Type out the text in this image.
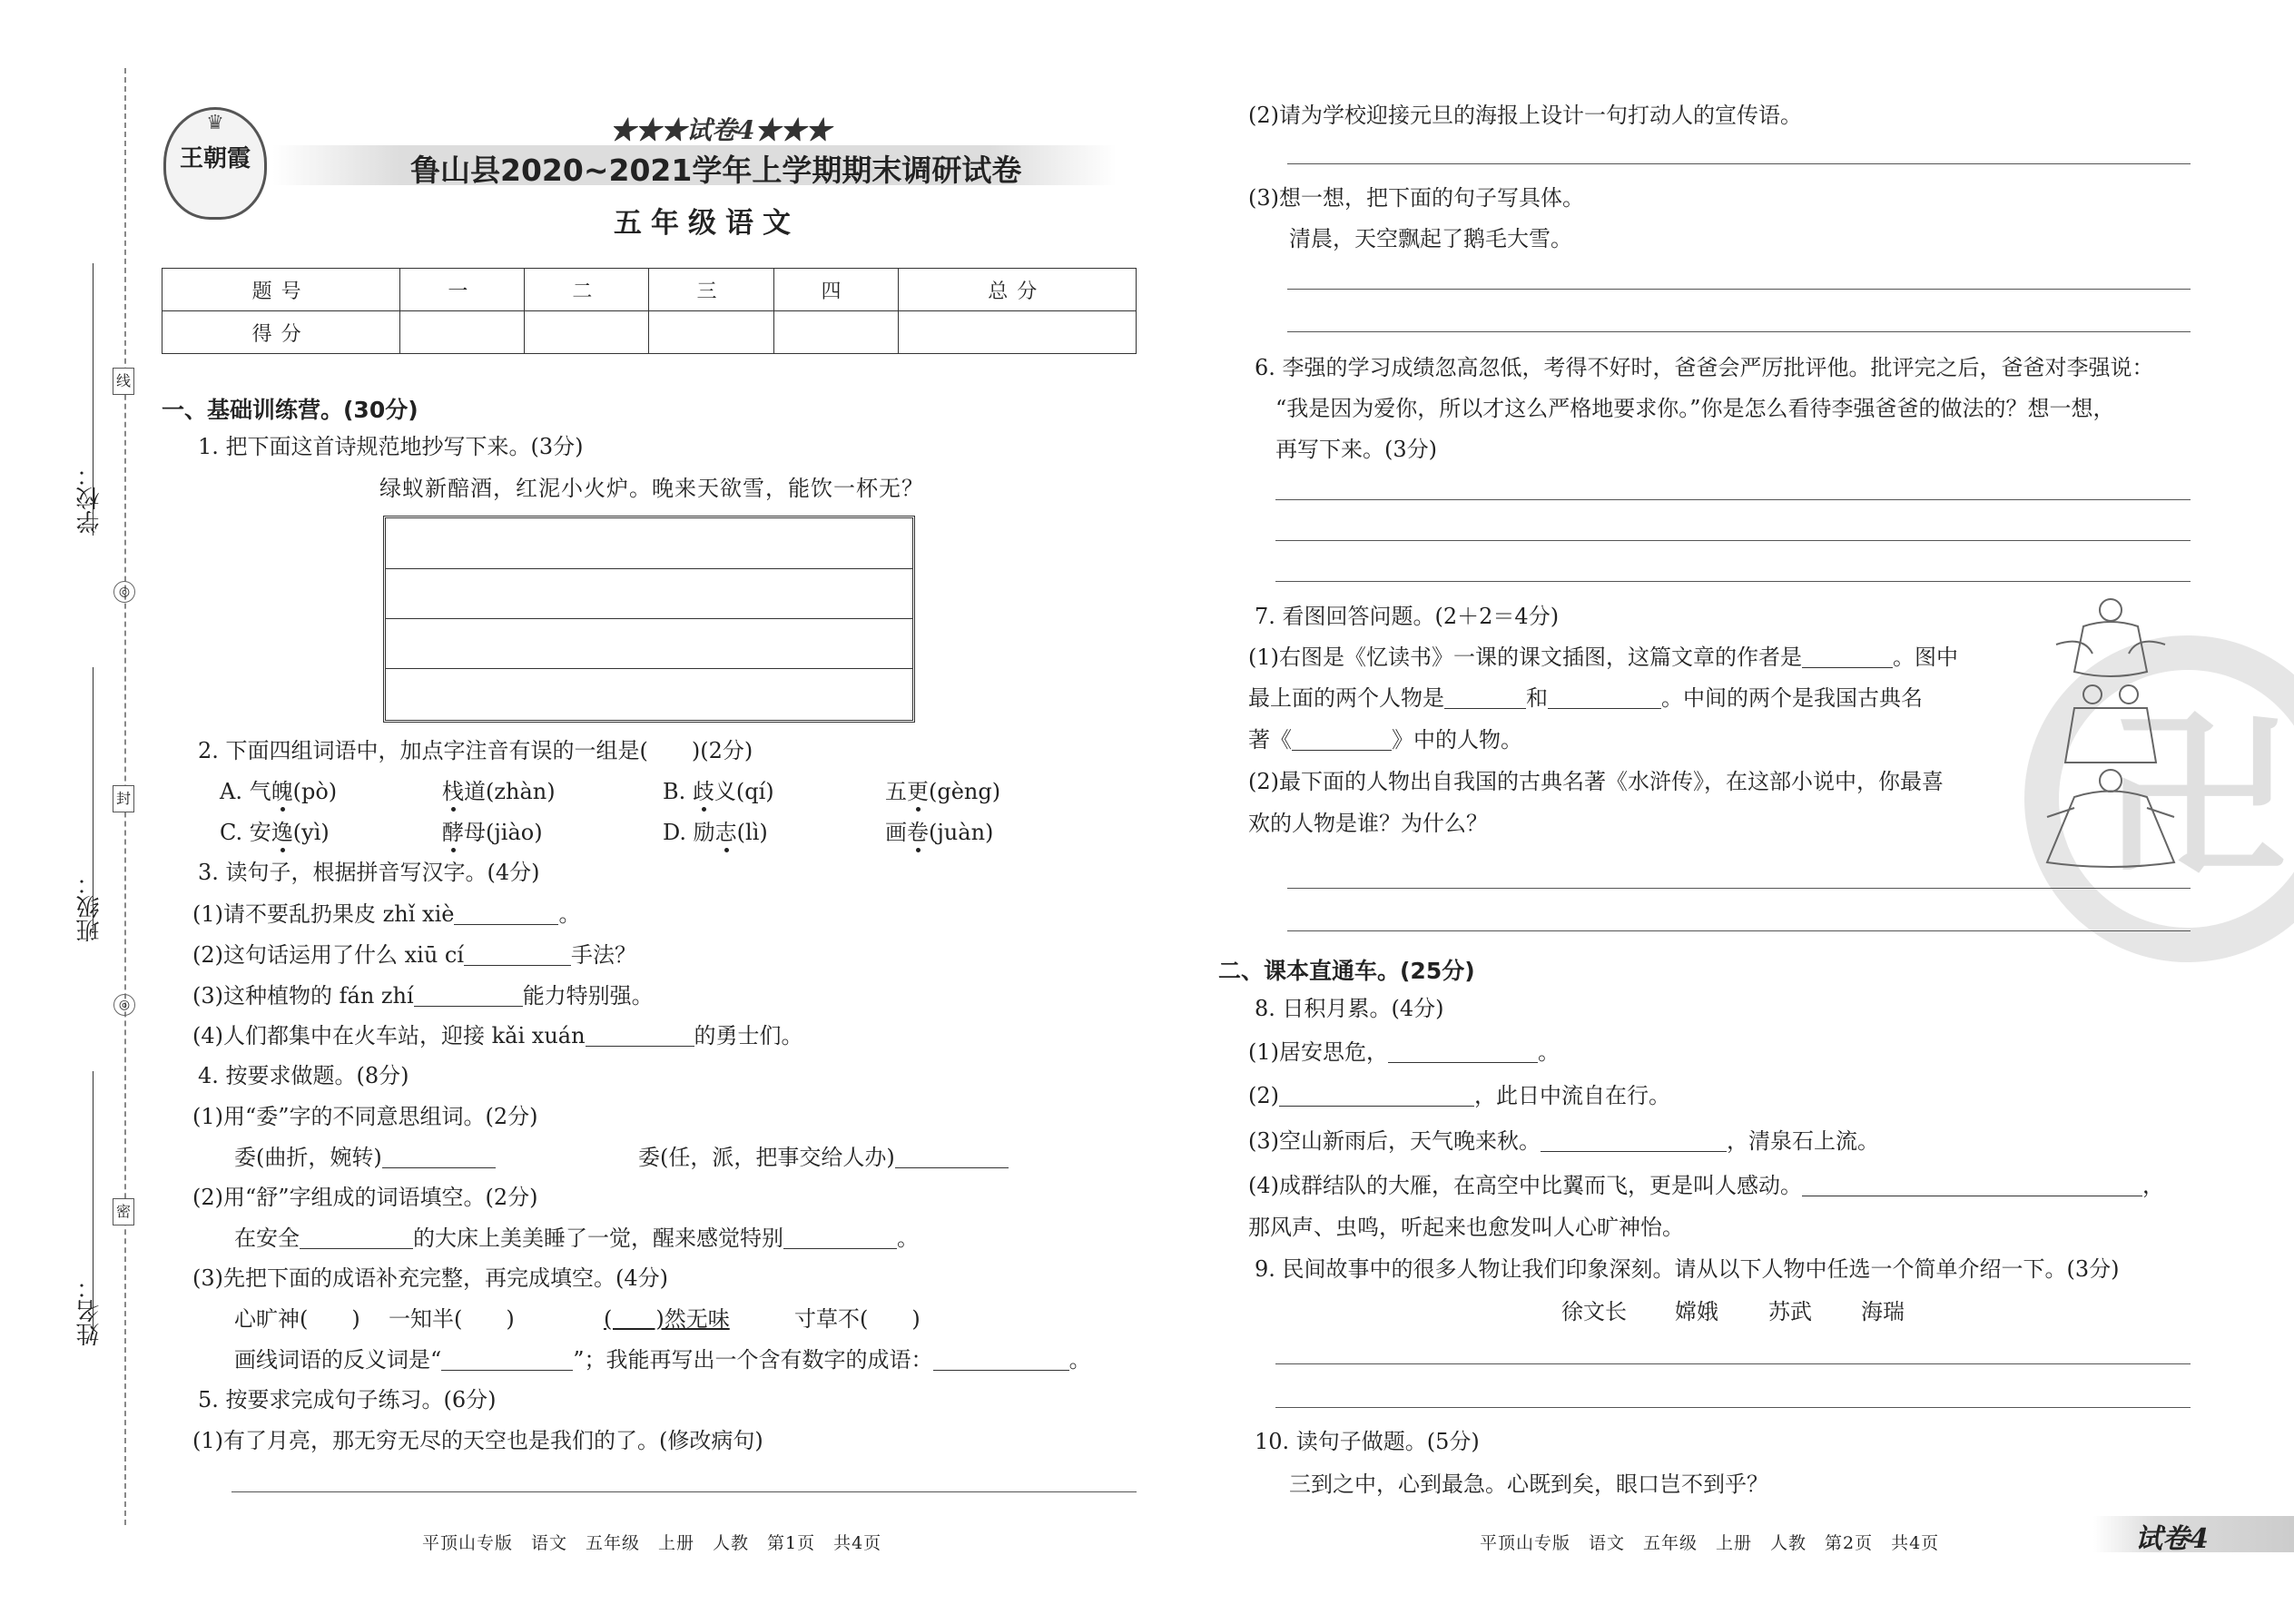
学校：
班级：
姓名：
线
◎
封
◎
密
♛
王朝霞
★★★试卷4★★★
鲁山县2020~2021学年上学期期末调研试卷
五年级语文
题号	一	二	三	四	总分
得分					
一、基础训练营。(30分)
1. 把下面这首诗规范地抄写下来。(3分)
绿蚁新醅酒，红泥小火炉。晚来天欲雪，能饮一杯无？
2. 下面四组词语中，加点字注音有误的一组是(　　)(2分)
A. 气魄(pò)	栈道(zhàn)	B. 歧义(qí)	五更(gèng)
C. 安逸(yì)	酵母(jiào)	D. 励志(lì)	画卷(juàn)
3. 读句子，根据拼音写汉字。(4分)
(1)请不要乱扔果皮 zhǐ xiè	。
(2)这句话运用了什么 xiū cí	手法？
(3)这种植物的 fán zhí	能力特别强。
(4)人们都集中在火车站，迎接 kǎi xuán	的勇士们。
4. 按要求做题。(8分)
(1)用“委”字的不同意思组词。(2分)
委(曲折，婉转)	委(任，派，把事交给人办)
(2)用“舒”字组成的词语填空。(2分)
在安全	的大床上美美睡了一觉，醒来感觉特别	。
(3)先把下面的成语补充完整，再完成填空。(4分)
心旷神(　　) 一知半(　　)	(　　)然无味	寸草不(　　)
画线词语的反义词是“	”；我能再写出一个含有数字的成语：	。
5. 按要求完成句子练习。(6分)
(1)有了月亮，那无穷无尽的天空也是我们的了。(修改病句)
平顶山专版　语文　五年级　上册　人教　第1页　共4页
(2)请为学校迎接元旦的海报上设计一句打动人的宣传语。
(3)想一想，把下面的句子写具体。
清晨，天空飘起了鹅毛大雪。
6. 李强的学习成绩忽高忽低，考得不好时，爸爸会严厉批评他。批评完之后，爸爸对李强说：
“我是因为爱你，所以才这么严格地要求你。”你是怎么看待李强爸爸的做法的？想一想，
再写下来。(3分)
卍
7. 看图回答问题。(2＋2＝4分)
(1)右图是《忆读书》一课的课文插图，这篇文章的作者是	。图中
最上面的两个人物是	和	。中间的两个是我国古典名
著《	》中的人物。
(2)最下面的人物出自我国的古典名著《水浒传》，在这部小说中，你最喜
欢的人物是谁？为什么？
二、课本直通车。(25分)
8. 日积月累。(4分)
(1)居安思危，	。
(2)	，此日中流自在行。
(3)空山新雨后，天气晚来秋。	，清泉石上流。
(4)成群结队的大雁，在高空中比翼而飞，更是叫人感动。	，
那风声、虫鸣，听起来也愈发叫人心旷神怡。
9. 民间故事中的很多人物让我们印象深刻。请从以下人物中任选一个简单介绍一下。(3分)
徐文长 嫦娥 苏武 海瑞
10. 读句子做题。(5分)
三到之中，心到最急。心既到矣，眼口岂不到乎？
平顶山专版　语文　五年级　上册　人教　第2页　共4页	试卷4
